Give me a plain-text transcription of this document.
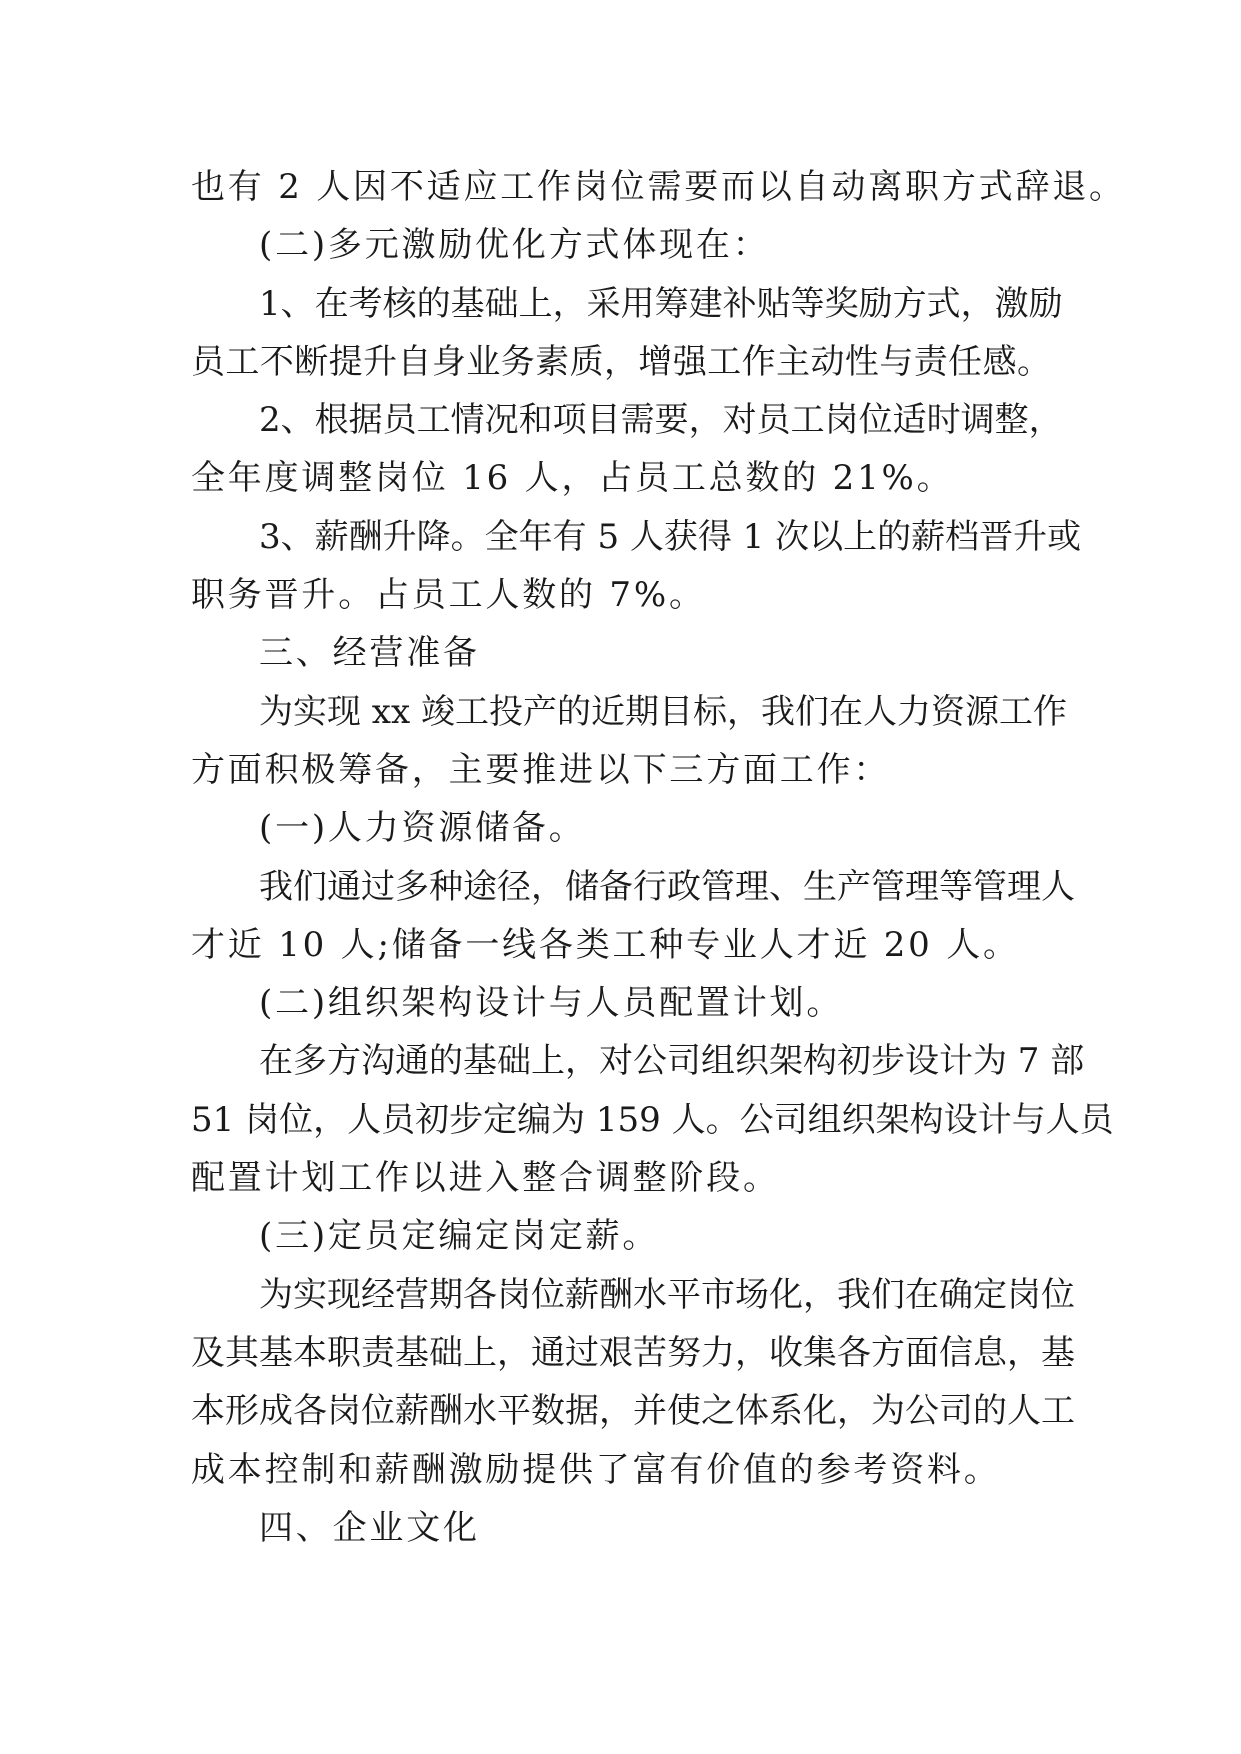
也有 2 人因不适应工作岗位需要而以自动离职方式辞退。

(二)多元激励优化方式体现在：

1、在考核的基础上，采用筹建补贴等奖励方式，激励

员工不断提升自身业务素质，增强工作主动性与责任感。

2、根据员工情况和项目需要，对员工岗位适时调整，

全年度调整岗位 16 人，占员工总数的 21%。

3、薪酬升降。全年有 5 人获得 1 次以上的薪档晋升或

职务晋升。占员工人数的 7%。

三、经营准备

为实现 xx 竣工投产的近期目标，我们在人力资源工作

方面积极筹备，主要推进以下三方面工作：

(一)人力资源储备。

我们通过多种途径，储备行政管理、生产管理等管理人

才近 10 人;储备一线各类工种专业人才近 20 人。

(二)组织架构设计与人员配置计划。

在多方沟通的基础上，对公司组织架构初步设计为 7 部

51 岗位，人员初步定编为 159 人。公司组织架构设计与人员

配置计划工作以进入整合调整阶段。

(三)定员定编定岗定薪。

为实现经营期各岗位薪酬水平市场化，我们在确定岗位

及其基本职责基础上，通过艰苦努力，收集各方面信息，基

本形成各岗位薪酬水平数据，并使之体系化，为公司的人工

成本控制和薪酬激励提供了富有价值的参考资料。

四、企业文化
